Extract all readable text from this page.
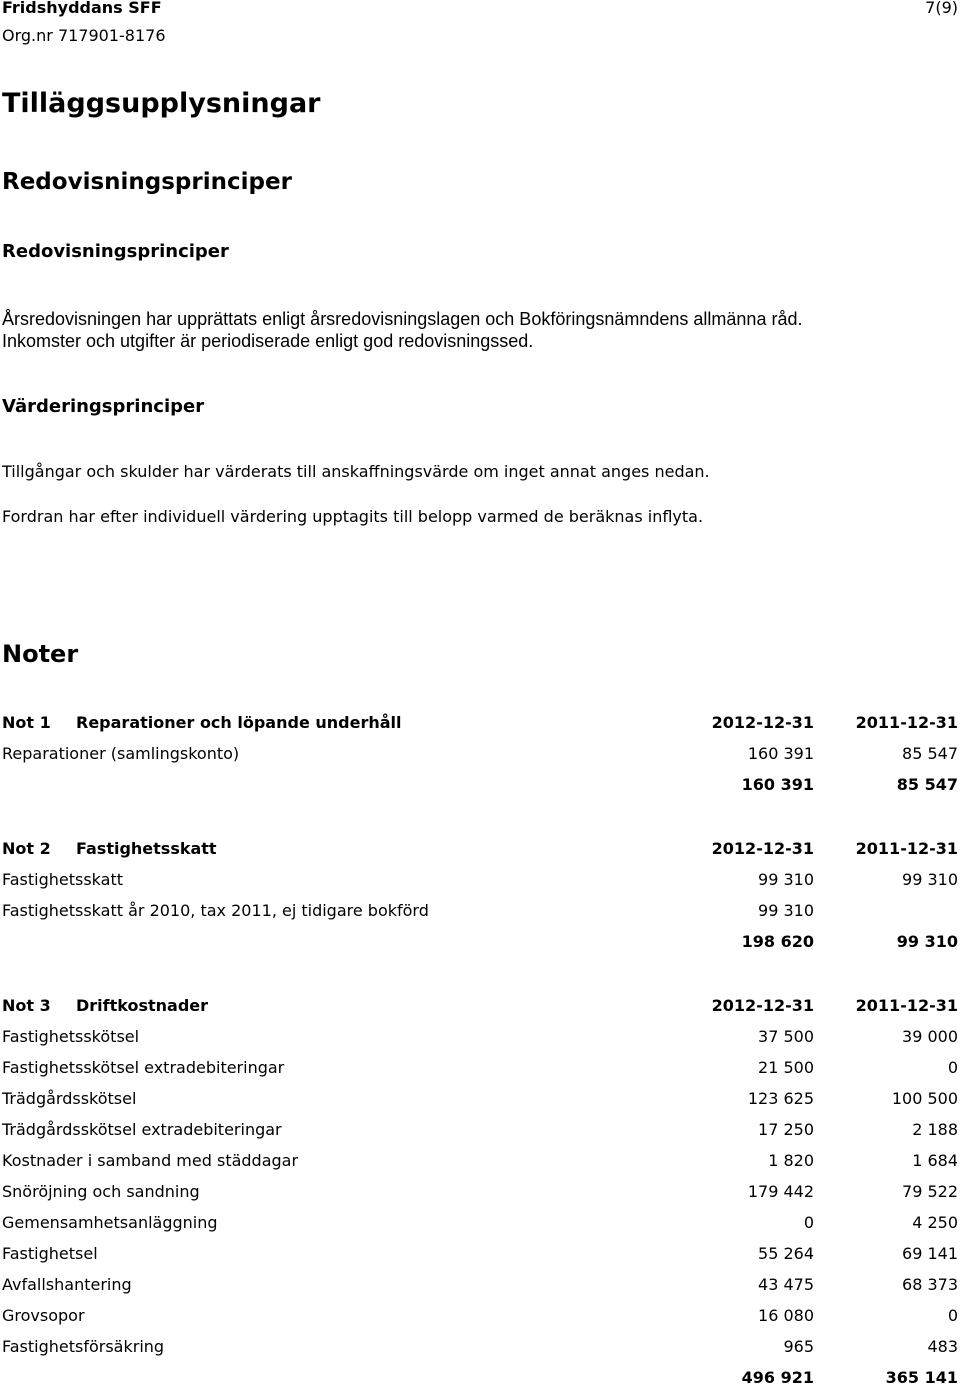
Fridshyddans SFF
Org.nr 717901-8176
7(9)
Tilläggsupplysningar
Redovisningsprinciper
Redovisningsprinciper
Årsredovisningen har upprättats enligt årsredovisningslagen och Bokföringsnämndens allmänna råd.
Inkomster och utgifter är periodiserade enligt god redovisningssed.
Värderingsprinciper
Tillgångar och skulder har värderats till anskaffningsvärde om inget annat anges nedan.
Fordran har efter individuell värdering upptagits till belopp varmed de beräknas inflyta.
Noter
Not 1 Reparationer och löpande underhåll	2012-12-31	2011-12-31
Reparationer (samlingskonto)	160 391	85 547
160 391	85 547
Not 2 Fastighetsskatt	2012-12-31	2011-12-31
Fastighetsskatt	99 310	99 310
Fastighetsskatt år 2010, tax 2011, ej tidigare bokförd	99 310
198 620	99 310
Not 3 Driftkostnader	2012-12-31	2011-12-31
Fastighetsskötsel	37 500	39 000
Fastighetsskötsel extradebiteringar	21 500	0
Trädgårdsskötsel	123 625	100 500
Trädgårdsskötsel extradebiteringar	17 250	2 188
Kostnader i samband med städdagar	1 820	1 684
Snöröjning och sandning	179 442	79 522
Gemensamhetsanläggning	0	4 250
Fastighetsel	55 264	69 141
Avfallshantering	43 475	68 373
Grovsopor	16 080	0
Fastighetsförsäkring	965	483
496 921	365 141
